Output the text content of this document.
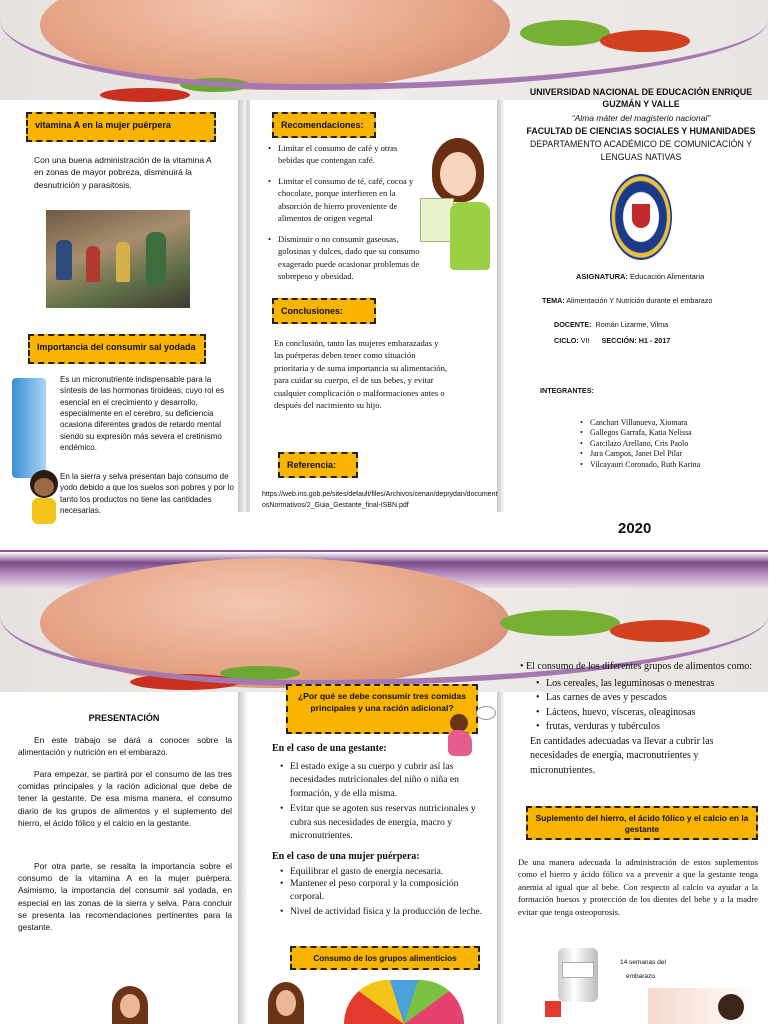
vitamina A en la mujer puérpera

Con una buena administración de la vitamina A en zonas de mayor pobreza, disminuirá la desnutrición y parasitosis.

Importancia del consumir sal yodada

Es un micronutriente indispensable para la síntesis de las hormonas tiroideas, cuyo rol es esencial en el crecimiento y desarrollo, especialmente en el cerebro, su deficiencia ocasiona diferentes grados de retardo mental siendo su expresión más severa el cretinismo endémico.

En la sierra y selva presentan bajo consumo de yodo debido a que los suelos son pobres y por lo tanto los productos no tiene las cantidades necesarias.

Recomendaciones:
• Limitar el consumo de café y otras bebidas que contengan café.
• Limitar el consumo de té, café, cocoa y chocolate, porque interfieren en la absorción de hierro proveniente de alimentos de origen vegetal
• Disminuir o no consumir gaseosas, golosinas y dulces, dado que su consumo exagerado puede ocasionar problemas de sobrepeso y obesidad.
Conclusiones:

En conclusión, tanto las mujeres embarazadas y las puérperas deben tener como situación prioritaria y de suma importancia su alimentación, para cuidar su cuerpo, el de sus bebes, y evitar cualquier complicación o malformaciones antes o después del nacimiento su hijo.

Referencia:

https://web.ins.gob.pe/sites/default/files/Archivos/cenan/deprydan/documentosNormativos/2_Guia_Gestante_final-ISBN.pdf

UNIVERSIDAD NACIONAL DE EDUCACIÓN ENRIQUE GUZMÁN Y VALLE

“Alma máter del magisterio nacional”

FACULTAD DE CIENCIAS SOCIALES Y HUMANIDADES

DEPARTAMENTO ACADÉMICO DE COMUNICACIÓN Y LENGUAS NATIVAS

ASIGNATURA: Educación Alimentaria

TEMA: Alimentación Y Nutrición durante el embarazo

DOCENTE: Román Lizarme, Vilma

CICLO: VII SECCIÓN: H1 - 2017

INTEGRANTES:

• Canchari Villanueva, Xiomara
• Gallegos Garrafa, Katia Nelissa
• Garcilazo Arellano, Cris Paolo
• Jara Campos, Janet Del Pilar
• Vilcayauri Coronado, Ruth Karina

2020

PRESENTACIÓN

En este trabajo se dará a conocer sobre la alimentación y nutrición en el embarazo.

Para empezar, se partirá por el consumo de las tres comidas principales y la ración adicional que debe de tener la gestante. De esa misma manera, el consumo diario de los grupos de alimentos y el suplemento del hierro, el ácido fólico y el calcio en la gestante.

Por otra parte, se resalta la importancia sobre el consumo de la vitamina A en la mujer puérpera. Asimismo, la importancia del consumir sal yodada, en especial en las zonas de la sierra y selva. Para concluir se presenta las recomendaciones pertinentes para la gestante.

¿Por qué se debe consumir tres comidas principales y una ración adicional?

En el caso de una gestante:

• El estado exige a su cuerpo y cubrir así las necesidades nutricionales del niño o niña en formación, y de ella misma.
• Evitar que se agoten sus reservas nutricionales y cubra sus necesidades de energía, macro y micronutrientes.

En el caso de una mujer puérpera:

• Equilibrar el gasto de energía necesaria.
• Mantener el peso corporal y la composición corporal.
• Nivel de actividad física y la producción de leche.
Consumo de los grupos alimenticios

• El consumo de los diferentes grupos de alimentos como:

• Los cereales, las leguminosas o menestras
• Las carnes de aves y pescados
• Lácteos, huevo, vísceras, oleaginosas
• frutas, verduras y tubérculos

En cantidades adecuadas va llevar a cubrir las necesidades de energía, macronutrientes y micronutrientes.

Suplemento del hierro, el ácido fólico y el calcio en la gestante

De una manera adecuada la administración de estos suplementos como el hierro y ácido fólico va a prevenir a que la gestante tenga anemia al igual que al bebe. Con respecto al calcio va ayudar a la formación huesos y protección de los dientes del bebe y a la madre evitar que tenga osteoporosis.

14 semanas del

embarazo.
